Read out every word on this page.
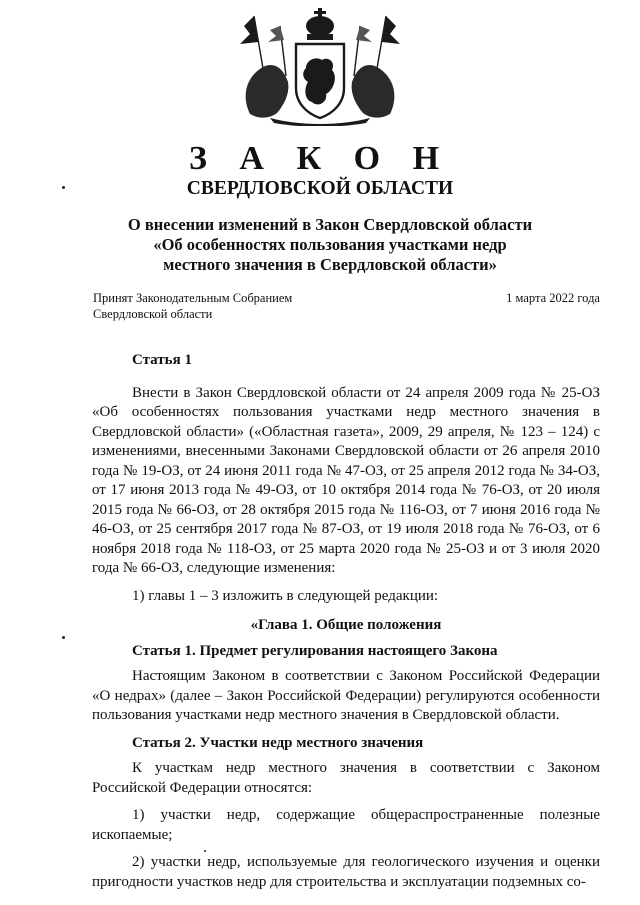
З А К О Н
СВЕРДЛОВСКОЙ ОБЛАСТИ
О внесении изменений в Закон Свердловской области
«Об особенностях пользования участками недр
местного значения в Свердловской области»
Принят Законодательным Собранием
Свердловской области
1 марта 2022 года
Статья 1

Внести в Закон Свердловской области от 24 апреля 2009 года № 25-ОЗ «Об особенностях пользования участками недр местного значения в Свердловской области» («Областная газета», 2009, 29 апреля, № 123 – 124) с изменениями, внесенными Законами Свердловской области от 26 апреля 2010 года № 19-ОЗ, от 24 июня 2011 года № 47-ОЗ, от 25 апреля 2012 года № 34-ОЗ, от 17 июня 2013 года № 49-ОЗ, от 10 октября 2014 года № 76-ОЗ, от 20 июля 2015 года № 66-ОЗ, от 28 октября 2015 года № 116-ОЗ, от 7 июня 2016 года № 46-ОЗ, от 25 сентября 2017 года № 87-ОЗ, от 19 июля 2018 года № 76-ОЗ, от 6 ноября 2018 года № 118-ОЗ, от 25 марта 2020 года № 25-ОЗ и от 3 июля 2020 года № 66-ОЗ, следующие изменения:

1) главы 1 – 3 изложить в следующей редакции:

«Глава 1. Общие положения
Статья 1. Предмет регулирования настоящего Закона

Настоящим Законом в соответствии с Законом Российской Федерации «О недрах» (далее – Закон Российской Федерации) регулируются особенности пользования участками недр местного значения в Свердловской области.

Статья 2. Участки недр местного значения

К участкам недр местного значения в соответствии с Законом Российской Федерации относятся:

1) участки недр, содержащие общераспространенные полезные ископаемые;

2) участки недр, используемые для геологического изучения и оценки пригодности участков недр для строительства и эксплуатации подземных со-
